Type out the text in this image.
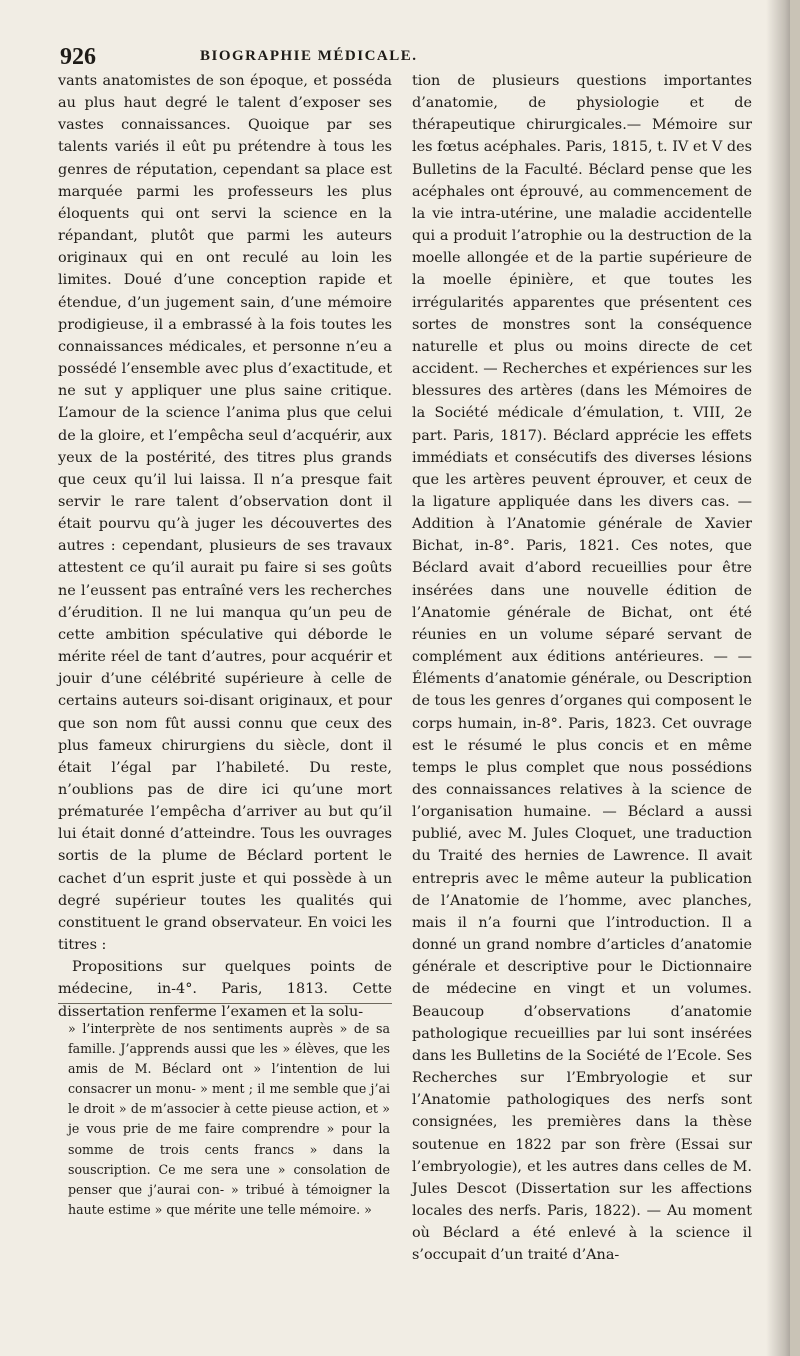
926	BIOGRAPHIE MÉDICALE.

vants anatomistes de son époque, et posséda au plus haut degré le talent d’exposer ses vastes connaissances. Quoique par ses talents variés il eût pu prétendre à tous les genres de réputation, cependant sa place est marquée parmi les professeurs les plus éloquents qui ont servi la science en la répandant, plutôt que parmi les auteurs originaux qui en ont reculé au loin les limites. Doué d’une conception rapide et étendue, d’un jugement sain, d’une mémoire prodigieuse, il a embrassé à la fois toutes les connaissances médicales, et personne n’eu a possédé l’ensemble avec plus d’exactitude, et ne sut y appliquer une plus saine critique. L’amour de la science l’anima plus que celui de la gloire, et l’empêcha seul d’acquérir, aux yeux de la postérité, des titres plus grands que ceux qu’il lui laissa. Il n’a presque fait servir le rare talent d’observation dont il était pourvu qu’à juger les découvertes des autres : cependant, plusieurs de ses travaux attestent ce qu’il aurait pu faire si ses goûts ne l’eussent pas entraîné vers les recherches d’érudition. Il ne lui manqua qu’un peu de cette ambition spéculative qui déborde le mérite réel de tant d’autres, pour acquérir et jouir d’une célébrité supérieure à celle de certains auteurs soi-disant originaux, et pour que son nom fût aussi connu que ceux des plus fameux chirurgiens du siècle, dont il était l’égal par l’habileté. Du reste, n’oublions pas de dire ici qu’une mort prématurée l’empêcha d’arriver au but qu’il lui était donné d’atteindre. Tous les ouvrages sortis de la plume de Béclard portent le cachet d’un esprit juste et qui possède à un degré supérieur toutes les qualités qui constituent le grand observateur. En voici les titres :

Propositions sur quelques points de médecine, in-4°. Paris, 1813. Cette dissertation renferme l’examen et la solu-

» l’interprète de nos sentiments auprès » de sa famille. J’apprends aussi que les » élèves, que les amis de M. Béclard ont » l’intention de lui consacrer un monu- » ment ; il me semble que j’ai le droit » de m’associer à cette pieuse action, et » je vous prie de me faire comprendre » pour la somme de trois cents francs » dans la souscription. Ce me sera une » consolation de penser que j’aurai con- » tribué à témoigner la haute estime » que mérite une telle mémoire. »

tion de plusieurs questions importantes d’anatomie, de physiologie et de thérapeutique chirurgicales.— Mémoire sur les fœtus acéphales. Paris, 1815, t. IV et V des Bulletins de la Faculté. Béclard pense que les acéphales ont éprouvé, au commencement de la vie intra-utérine, une maladie accidentelle qui a produit l’atrophie ou la destruction de la moelle allongée et de la partie supérieure de la moelle épinière, et que toutes les irrégularités apparentes que présentent ces sortes de monstres sont la conséquence naturelle et plus ou moins directe de cet accident. — Recherches et expériences sur les blessures des artères (dans les Mémoires de la Société médicale d’émulation, t. VIII, 2e part. Paris, 1817). Béclard apprécie les effets immédiats et consécutifs des diverses lésions que les artères peuvent éprouver, et ceux de la ligature appliquée dans les divers cas. — Addition à l’Anatomie générale de Xavier Bichat, in-8°. Paris, 1821. Ces notes, que Béclard avait d’abord recueillies pour être insérées dans une nouvelle édition de l’Anatomie générale de Bichat, ont été réunies en un volume séparé servant de complément aux éditions antérieures. — — Éléments d’anatomie générale, ou Description de tous les genres d’organes qui composent le corps humain, in-8°. Paris, 1823. Cet ouvrage est le résumé le plus concis et en même temps le plus complet que nous possédions des connaissances relatives à la science de l’organisation humaine. — Béclard a aussi publié, avec M. Jules Cloquet, une traduction du Traité des hernies de Lawrence. Il avait entrepris avec le même auteur la publication de l’Anatomie de l’homme, avec planches, mais il n’a fourni que l’introduction. Il a donné un grand nombre d’articles d’anatomie générale et descriptive pour le Dictionnaire de médecine en vingt et un volumes. Beaucoup d’observations d’anatomie pathologique recueillies par lui sont insérées dans les Bulletins de la Société de l’Ecole. Ses Recherches sur l’Embryologie et sur l’Anatomie pathologiques des nerfs sont consignées, les premières dans la thèse soutenue en 1822 par son frère (Essai sur l’embryologie), et les autres dans celles de M. Jules Descot (Dissertation sur les affections locales des nerfs. Paris, 1822). — Au moment où Béclard a été enlevé à la science il s’occupait d’un traité d’Ana-
